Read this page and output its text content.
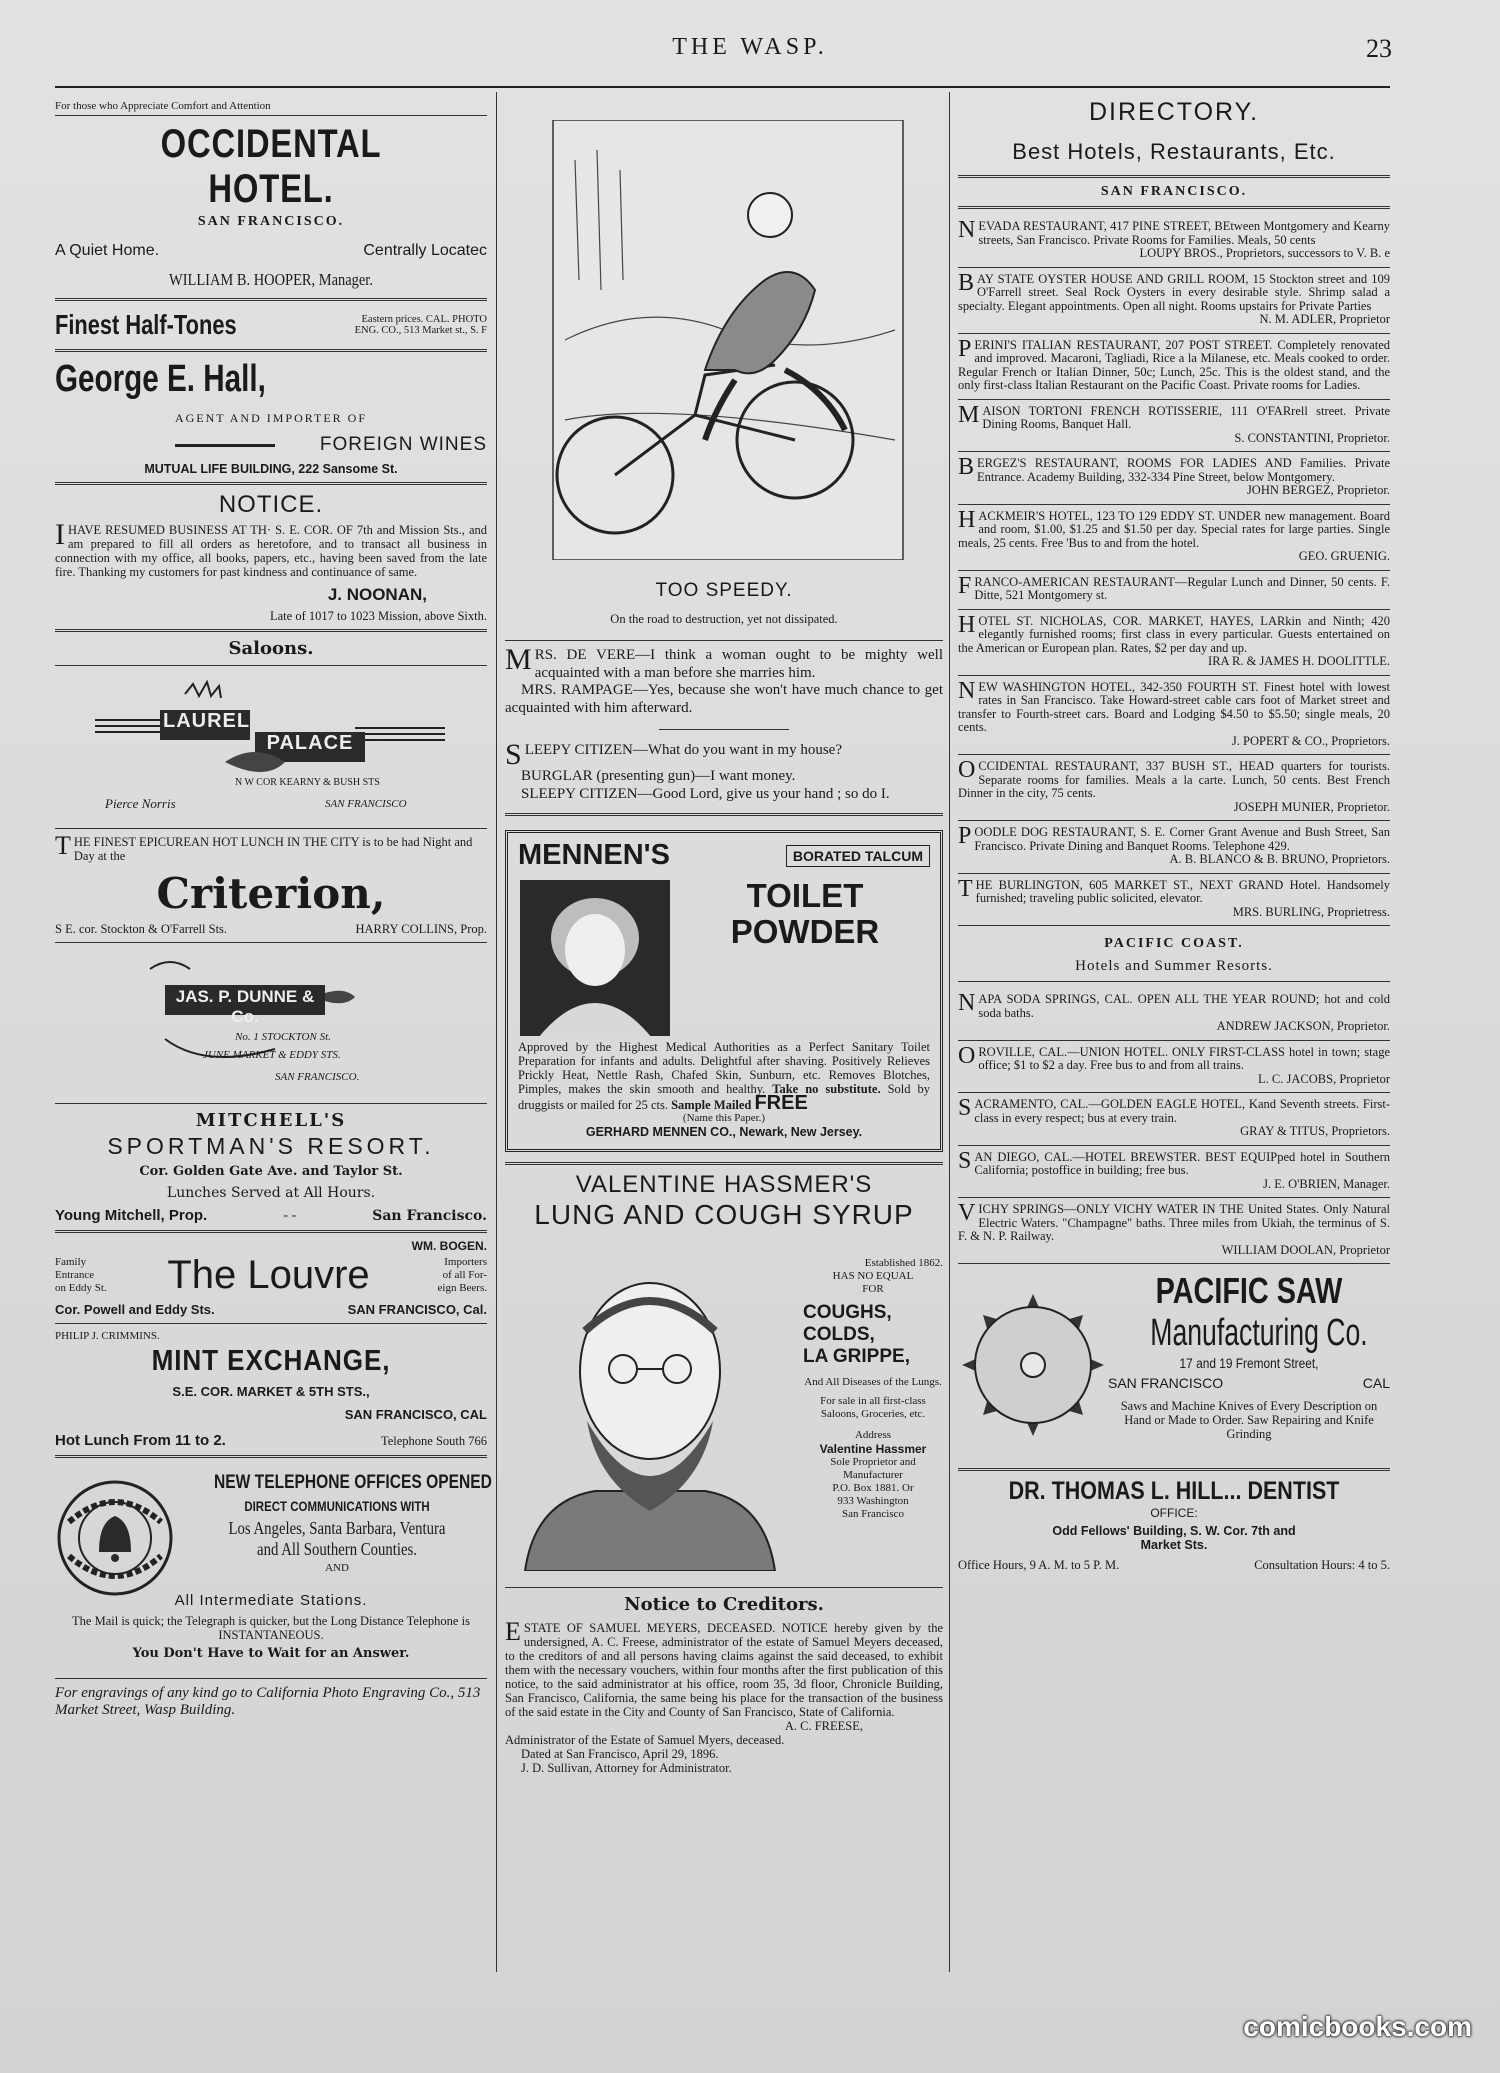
THE WASP.	23
For those who Appreciate Comfort and Attention
OCCIDENTAL HOTEL.
SAN FRANCISCO.
A Quiet Home.	Centrally Locatec
WILLIAM B. HOOPER, Manager.
Finest Half-Tones	Eastern prices. CAL. PHOTO
ENG. CO., 513 Market st., S. F
George E. Hall,
AGENT AND IMPORTER OF
FOREIGN WINES
MUTUAL LIFE BUILDING, 222 Sansome St.
NOTICE.
I HAVE RESUMED BUSINESS AT TH· S. E. COR. OF 7th and Mission Sts., and am prepared to fill all orders as heretofore, and to transact all business in connection with my office, all books, papers, etc., having been saved from the late fire. Thanking my customers for past kindness and continuance of same.
J. NOONAN,
Late of 1017 to 1023 Mission, above Sixth.
Saloons.
LAUREL
PALACE
N W COR KEARNY & BUSH STS
Pierce Norris	SAN FRANCISCO
T HE FINEST EPICUREAN HOT LUNCH IN THE CITY is to be had Night and Day at the
Criterion,
S E. cor. Stockton & O'Farrell Sts.	HARRY COLLINS, Prop.
JAS. P. DUNNE & Co.
No. 1 STOCKTON St.
JUNE MARKET & EDDY STS.
SAN FRANCISCO.
MITCHELL'S
SPORTMAN'S RESORT.
Cor. Golden Gate Ave. and Taylor St.
Lunches Served at All Hours.
Young Mitchell, Prop.	- -	San Francisco.
WM. BOGEN.
Family
Entrance
on Eddy St.	The Louvre	Importers
of all For-
eign Beers.
Cor. Powell and Eddy Sts.	SAN FRANCISCO, Cal.
PHILIP J. CRIMMINS.
MINT EXCHANGE,
S.E. COR. MARKET & 5TH STS.,
SAN FRANCISCO, CAL
Hot Lunch From 11 to 2.	Telephone South 766
NEW TELEPHONE OFFICES OPENED
DIRECT COMMUNICATIONS WITH
Los Angeles, Santa Barbara, Ventura
and All Southern Counties.
AND
All Intermediate Stations.
The Mail is quick; the Telegraph is quicker, but the Long Distance Telephone is INSTANTANEOUS.
You Don't Have to Wait for an Answer.
For engravings of any kind go to California Photo Engraving Co., 513 Market Street, Wasp Building.
TOO SPEEDY.
On the road to destruction, yet not dissipated.

MRS. DE VERE—I think a woman ought to be mighty well acquainted with a man before she marries him.

MRS. RAMPAGE—Yes, because she won't have much chance to get acquainted with him afterward.

SLEEPY CITIZEN—What do you want in my house?

BURGLAR (presenting gun)—I want money.

SLEEPY CITIZEN—Good Lord, give us your hand ; so do I.

MENNEN'S	BORATED TALCUM
TOILET
POWDER
Approved by the Highest Medical Authorities as a Perfect Sanitary Toilet Preparation for infants and adults. Delightful after shaving. Positively Relieves Prickly Heat, Nettle Rash, Chafed Skin, Sunburn, etc. Removes Blotches, Pimples, makes the skin smooth and healthy. Take no substitute. Sold by druggists or mailed for 25 cts. Sample Mailed FREE
(Name this Paper.)
GERHARD MENNEN CO., Newark, New Jersey.
VALENTINE HASSMER'S
LUNG AND COUGH SYRUP
Established 1862.
HAS NO EQUAL
FOR
COUGHS,
COLDS,
LA GRIPPE,
And All Diseases of the Lungs.
For sale in all first-class Saloons, Groceries, etc.
Address
Valentine Hassmer
Sole Proprietor and Manufacturer
P.O. Box 1881. Or
933 Washington
San Francisco
Notice to Creditors.
E STATE OF SAMUEL MEYERS, DECEASED. NOTICE hereby given by the undersigned, A. C. Freese, administrator of the estate of Samuel Meyers deceased, to the creditors of and all persons having claims against the said deceased, to exhibit them with the necessary vouchers, within four months after the first publication of this notice, to the said administrator at his office, room 35, 3d floor, Chronicle Building, San Francisco, California, the same being his place for the transaction of the business of the said estate in the City and County of San Francisco, State of California.
A. C. FREESE,
Administrator of the Estate of Samuel Myers, deceased.
Dated at San Francisco, April 29, 1896.
J. D. Sullivan, Attorney for Administrator.
DIRECTORY.
Best Hotels, Restaurants, Etc.
SAN FRANCISCO.
NEVADA RESTAURANT, 417 PINE STREET, BEtween Montgomery and Kearny streets, San Francisco. Private Rooms for Families. Meals, 50 cents
LOUPY BROS., Proprietors, successors to V. B. e
BAY STATE OYSTER HOUSE AND GRILL ROOM, 15 Stockton street and 109 O'Farrell street. Seal Rock Oysters in every desirable style. Shrimp salad a specialty. Elegant appointments. Open all night. Rooms upstairs for Private Parties
N. M. ADLER, Proprietor
PERINI'S ITALIAN RESTAURANT, 207 POST STREET. Completely renovated and improved. Macaroni, Tagliadi, Rice a la Milanese, etc. Meals cooked to order. Regular French or Italian Dinner, 50c; Lunch, 25c. This is the oldest stand, and the only first-class Italian Restaurant on the Pacific Coast. Private rooms for Ladies.
MAISON TORTONI FRENCH ROTISSERIE, 111 O'FARrell street. Private Dining Rooms, Banquet Hall.
S. CONSTANTINI, Proprietor.
BERGEZ'S RESTAURANT, ROOMS FOR LADIES AND Families. Private Entrance. Academy Building, 332-334 Pine Street, below Montgomery.
JOHN BERGEZ, Proprietor.
HACKMEIR'S HOTEL, 123 TO 129 EDDY ST. UNDER new management. Board and room, $1.00, $1.25 and $1.50 per day. Special rates for large parties. Single meals, 25 cents. Free 'Bus to and from the hotel.
GEO. GRUENIG.
FRANCO-AMERICAN RESTAURANT—Regular Lunch and Dinner, 50 cents. F. Ditte, 521 Montgomery st.
HOTEL ST. NICHOLAS, COR. MARKET, HAYES, LARkin and Ninth; 420 elegantly furnished rooms; first class in every particular. Guests entertained on the American or European plan. Rates, $2 per day and up.
IRA R. & JAMES H. DOOLITTLE.
NEW WASHINGTON HOTEL, 342-350 FOURTH ST. Finest hotel with lowest rates in San Francisco. Take Howard-street cable cars foot of Market street and transfer to Fourth-street cars. Board and Lodging $4.50 to $5.50; single meals, 20 cents.
J. POPERT & CO., Proprietors.
OCCIDENTAL RESTAURANT, 337 BUSH ST., HEAD quarters for tourists. Separate rooms for families. Meals a la carte. Lunch, 50 cents. Best French Dinner in the city, 75 cents.
JOSEPH MUNIER, Proprietor.
POODLE DOG RESTAURANT, S. E. Corner Grant Avenue and Bush Street, San Francisco. Private Dining and Banquet Rooms. Telephone 429.
A. B. BLANCO & B. BRUNO, Proprietors.
THE BURLINGTON, 605 MARKET ST., NEXT GRAND Hotel. Handsomely furnished; traveling public solicited, elevator.
MRS. BURLING, Proprietress.
PACIFIC COAST.
Hotels and Summer Resorts.
NAPA SODA SPRINGS, CAL. OPEN ALL THE YEAR ROUND; hot and cold soda baths.
ANDREW JACKSON, Proprietor.
OROVILLE, CAL.—UNION HOTEL. ONLY FIRST-CLASS hotel in town; stage office; $1 to $2 a day. Free bus to and from all trains.
L. C. JACOBS, Proprietor
SACRAMENTO, CAL.—GOLDEN EAGLE HOTEL, Kand Seventh streets. First-class in every respect; bus at every train.
GRAY & TITUS, Proprietors.
SAN DIEGO, CAL.—HOTEL BREWSTER. BEST EQUIPped hotel in Southern California; postoffice in building; free bus.
J. E. O'BRIEN, Manager.
VICHY SPRINGS—ONLY VICHY WATER IN THE United States. Only Natural Electric Waters. "Champagne" baths. Three miles from Ukiah, the terminus of S. F. & N. P. Railway.
WILLIAM DOOLAN, Proprietor
PACIFIC SAW
Manufacturing Co.
17 and 19 Fremont Street,
SAN FRANCISCO	CAL
Saws and Machine Knives of Every Description on Hand or Made to Order. Saw Repairing and Knife Grinding
DR. THOMAS L. HILL... DENTIST
OFFICE:
Odd Fellows' Building, S. W. Cor. 7th and
Market Sts.
Office Hours, 9 A. M. to 5 P. M.	Consultation Hours: 4 to 5.
comicbooks.com
